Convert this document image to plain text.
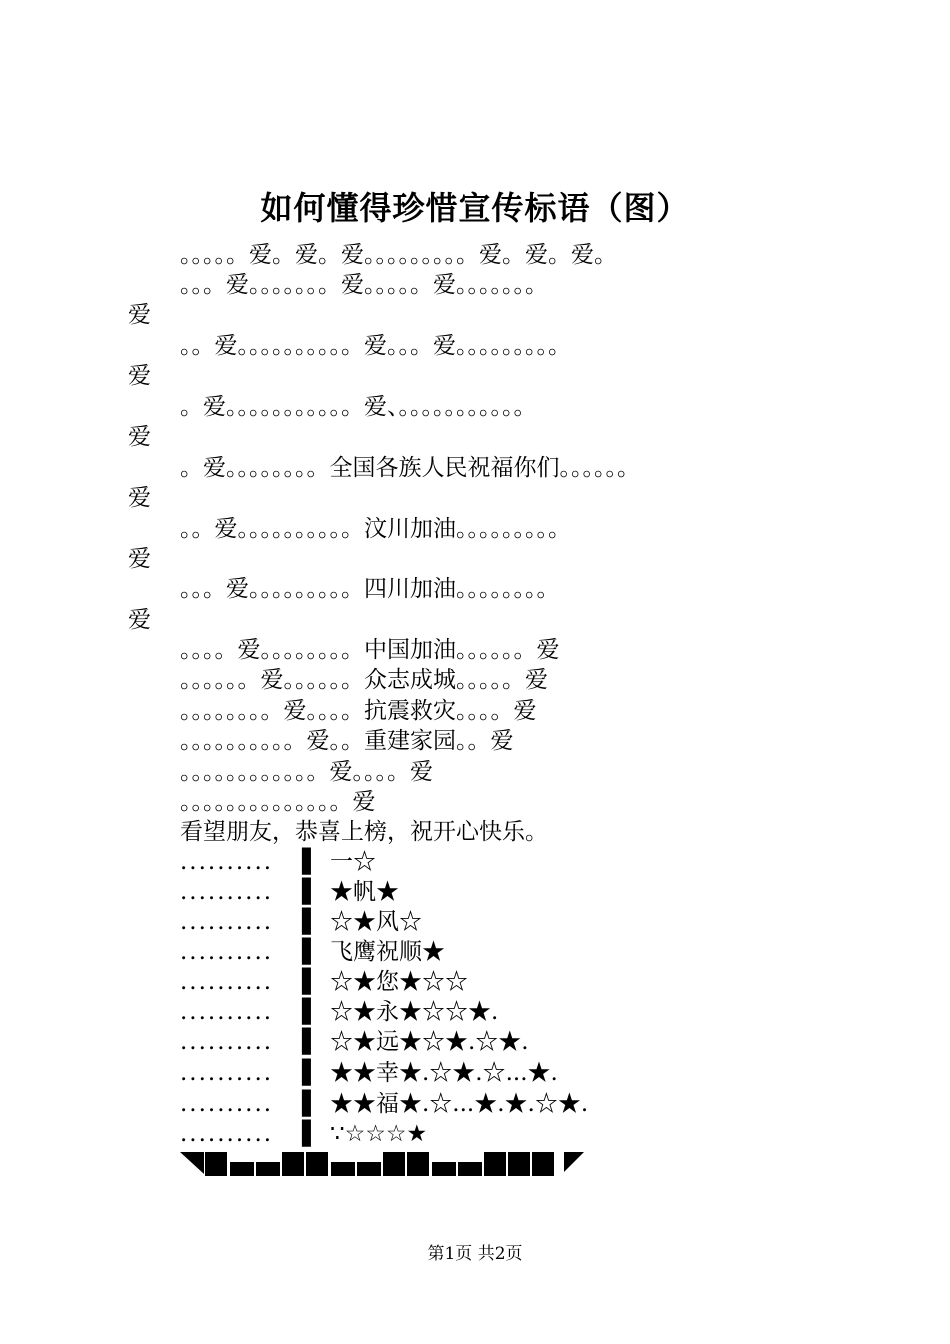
如何懂得珍惜宣传标语（图）
。。。。。爱。爱。爱。。。。。。。。。爱。爱。爱。
。。。爱。。。。。。。爱。。。。。爱。。。。。。。
。。爱。。。。。。。。。。爱。。。爱。。。。。。。。。
。爱。。。。。。。。。。。爱、。。。。。。。。。。。
。爱。。。。。。。。全国各族人民祝福你们。。。。。。
。。爱。。。。。。。。。。汶川加油。。。。。。。。。
。。。爱。。。。。。。。。四川加油。。。。。。。。
。。。。爱。。。。。。。。中国加油。。。。。。爱
。。。。。。爱。。。。。。众志成城。。。。。爱
。。。。。。。。爱。。。。抗震救灾。。。。爱
。。。。。。。。。。爱。。重建家园。。爱
。。。。。。。。。。。。爱。。。。爱
。。。。。。。。。。。。。。爱
爱
爱
爱
爱
爱
爱
看望朋友，恭喜上榜，祝开心快乐。
.......... ▌ 一☆
.......... ▌ ★帆★
.......... ▌ ☆★风☆
.......... ▌ 飞鹰祝顺★
.......... ▌ ☆★您★☆☆
.......... ▌ ☆★永★☆☆★.
.......... ▌ ☆★远★☆★.☆★.
.......... ▌ ★★幸★.☆★.☆...★.
.......... ▌ ★★福★.☆...★.★.☆★.
.......... ▌ ∵☆☆☆★
第1页 共2页
